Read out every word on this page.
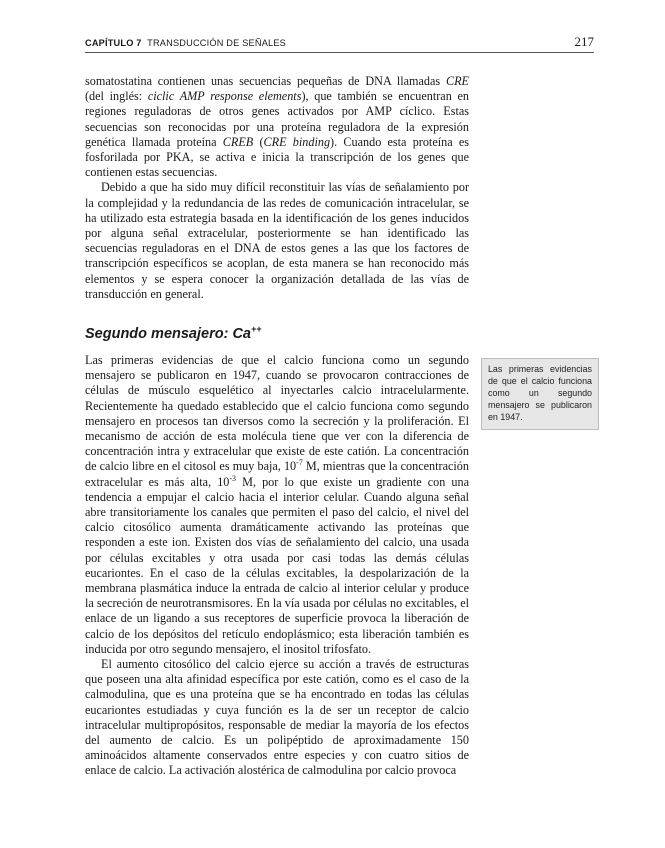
CAPÍTULO 7 TRANSDUCCIÓN DE SEÑALES	217

somatostatina contienen unas secuencias pequeñas de DNA llamadas CRE (del inglés: ciclic AMP response elements), que también se encuentran en regiones reguladoras de otros genes activados por AMP cíclico. Estas secuencias son reconocidas por una proteína reguladora de la expresión genética llamada proteína CREB (CRE binding). Cuando esta proteína es fosforilada por PKA, se activa e inicia la transcripción de los genes que contienen estas secuencias.

Debido a que ha sido muy difícil reconstituir las vías de señalamiento por la complejidad y la redundancia de las redes de comunicación intracelular, se ha utilizado esta estrategia basada en la identificación de los genes inducidos por alguna señal extracelular, posteriormente se han identificado las secuencias reguladoras en el DNA de estos genes a las que los factores de transcripción específicos se acoplan, de esta manera se han reconocido más elementos y se espera conocer la organización detallada de las vías de transducción en general.

Segundo mensajero: Ca++

Las primeras evidencias de que el calcio funciona como un segundo mensajero se publicaron en 1947, cuando se provocaron contracciones de células de músculo esquelético al inyectarles calcio intracelularmente. Recientemente ha quedado establecido que el calcio funciona como segundo mensajero en procesos tan diversos como la secreción y la proliferación. El mecanismo de acción de esta molécula tiene que ver con la diferencia de concentración intra y extracelular que existe de este catión. La concentración de calcio libre en el citosol es muy baja, $10^{-7}$ M, mientras que la concentración extracelular es más alta, $10^{-3}$ M, por lo que existe un gradiente con una tendencia a empujar el calcio hacia el interior celular. Cuando alguna señal abre transitoriamente los canales que permiten el paso del calcio, el nivel del calcio citosólico aumenta dramáticamente activando las proteínas que responden a este ion. Existen dos vías de señalamiento del calcio, una usada por células excitables y otra usada por casi todas las demás células eucariontes. En el caso de la células excitables, la despolarización de la membrana plasmática induce la entrada de calcio al interior celular y produce la secreción de neurotransmisores. En la vía usada por células no excitables, el enlace de un ligando a sus receptores de superficie provoca la liberación de calcio de los depósitos del retículo endoplásmico; esta liberación también es inducida por otro segundo mensajero, el inositol trifosfato.

El aumento citosólico del calcio ejerce su acción a través de estructuras que poseen una alta afinidad específica por este catión, como es el caso de la calmodulina, que es una proteína que se ha encontrado en todas las células eucariontes estudiadas y cuya función es la de ser un receptor de calcio intracelular multipropósitos, responsable de mediar la mayoría de los efectos del aumento de calcio. Es un polipéptido de aproximadamente 150 aminoácidos altamente conservados entre especies y con cuatro sitios de enlace de calcio. La activación alostérica de calmodulina por calcio provoca

Las primeras evidencias de que el calcio funciona como un segundo mensajero se publicaron en 1947.
